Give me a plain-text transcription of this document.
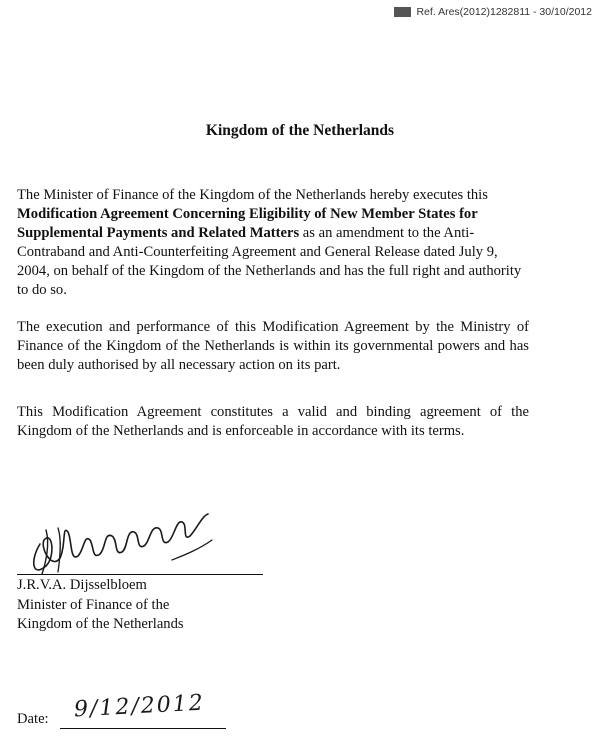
Ref. Ares(2012)1282811 - 30/10/2012
Kingdom of the Netherlands

The Minister of Finance of the Kingdom of the Netherlands hereby executes this Modification Agreement Concerning Eligibility of New Member States for Supplemental Payments and Related Matters as an amendment to the Anti-Contraband and Anti-Counterfeiting Agreement and General Release dated July 9, 2004, on behalf of the Kingdom of the Netherlands and has the full right and authority to do so.

The execution and performance of this Modification Agreement by the Ministry of Finance of the Kingdom of the Netherlands is within its governmental powers and has been duly authorised by all necessary action on its part.

This Modification Agreement constitutes a valid and binding agreement of the Kingdom of the Netherlands and is enforceable in accordance with its terms.

J.R.V.A. Dijsselbloem
Minister of Finance of the
Kingdom of the Netherlands
Date: 9/12/2012
